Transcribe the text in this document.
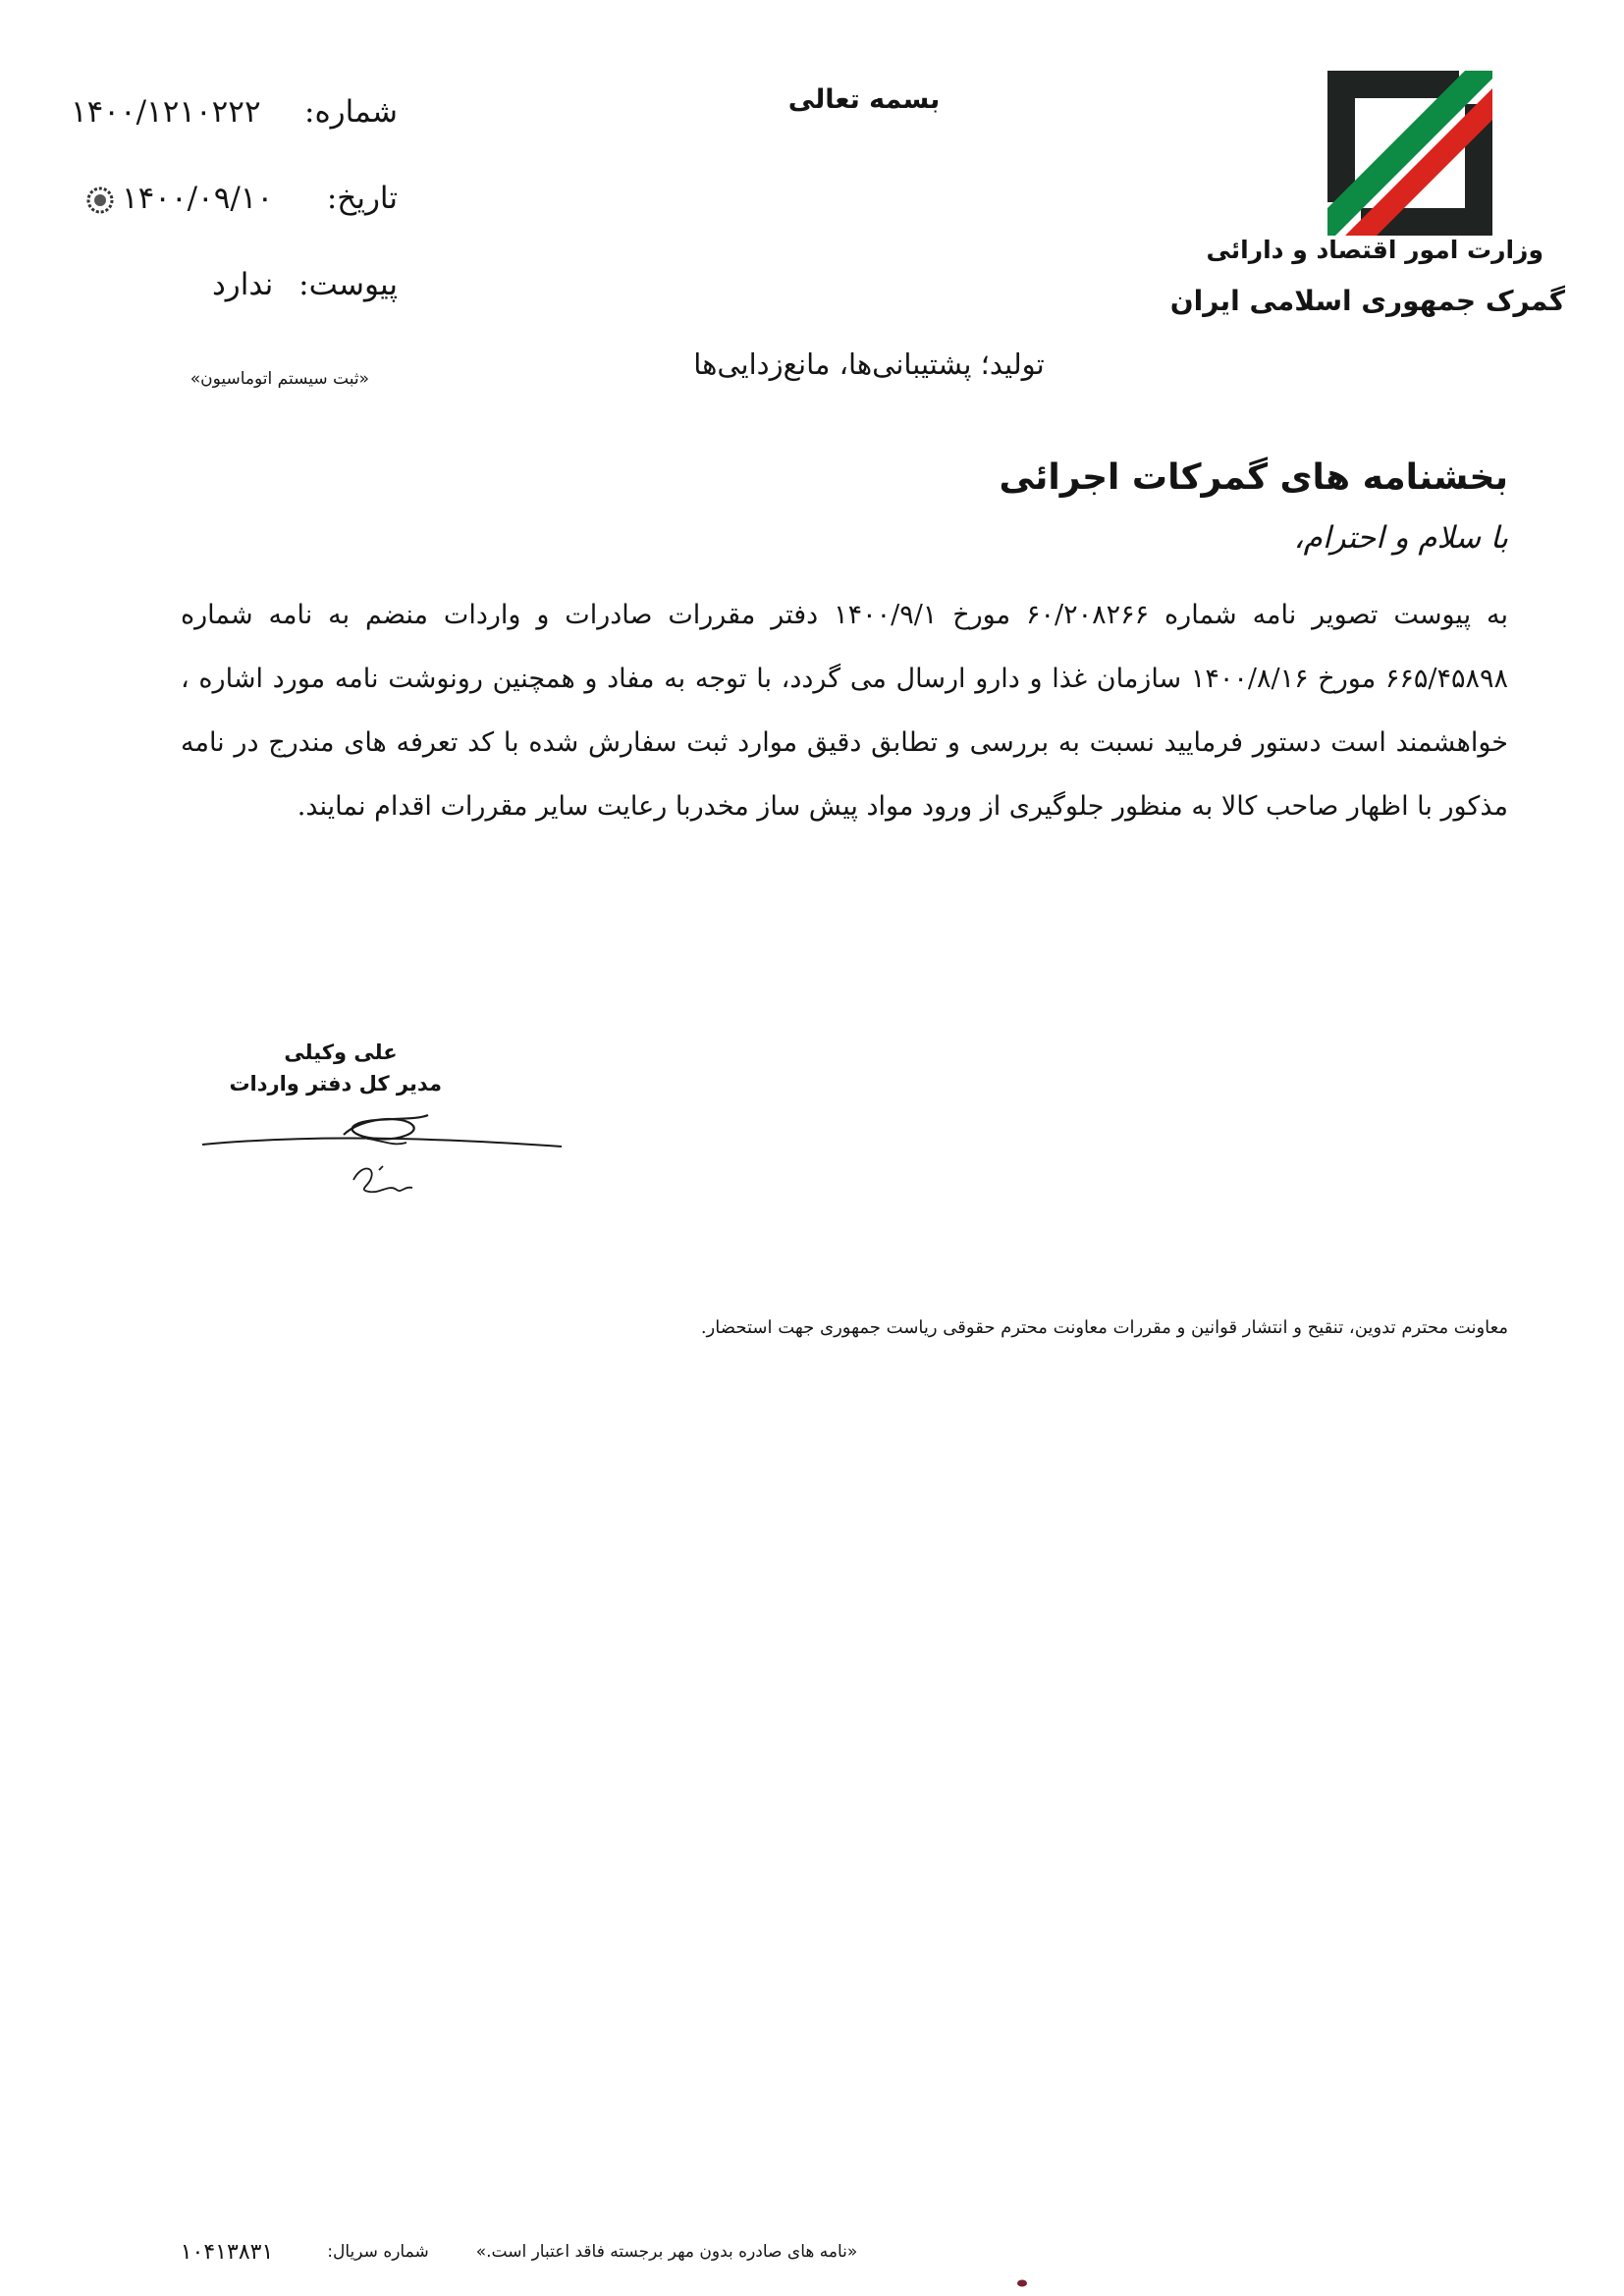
وزارت امور اقتصاد و دارائی
گمرک جمهوری اسلامی ایران
بسمه تعالی
شماره:
۱۴۰۰/۱۲۱۰۲۲۲
تاریخ:
۱۴۰۰/۰۹/۱۰
پیوست:
ندارد
«ثبت سیستم اتوماسیون»	تولید؛ پشتیبانی‌ها، مانع‌زدایی‌ها
بخشنامه های گمرکات اجرائی
با سلام و احترام،
به پیوست تصویر نامه شماره ۶۰/۲۰۸۲۶۶ مورخ ۱۴۰۰/۹/۱ دفتر مقررات صادرات و واردات منضم به نامه شماره ۶۶۵/۴۵۸۹۸ مورخ ۱۴۰۰/۸/۱۶ سازمان غذا و دارو ارسال می گردد، با توجه به مفاد و همچنین رونوشت نامه مورد اشاره ، خواهشمند است دستور فرمایید نسبت به بررسی و تطابق دقیق موارد ثبت سفارش شده با کد تعرفه های مندرج در نامه مذکور با اظهار صاحب کالا به منظور جلوگیری از ورود مواد پیش ساز مخدربا رعایت سایر مقررات اقدام نمایند.
علی وکیلی
مدیر کل دفتر واردات
معاونت محترم تدوین، تنقیح و انتشار قوانین و مقررات معاونت محترم حقوقی ریاست جمهوری جهت استحضار.
«نامه های صادره بدون مهر برجسته فاقد اعتبار است.»
شماره سریال:
۱۰۴۱۳۸۳۱
